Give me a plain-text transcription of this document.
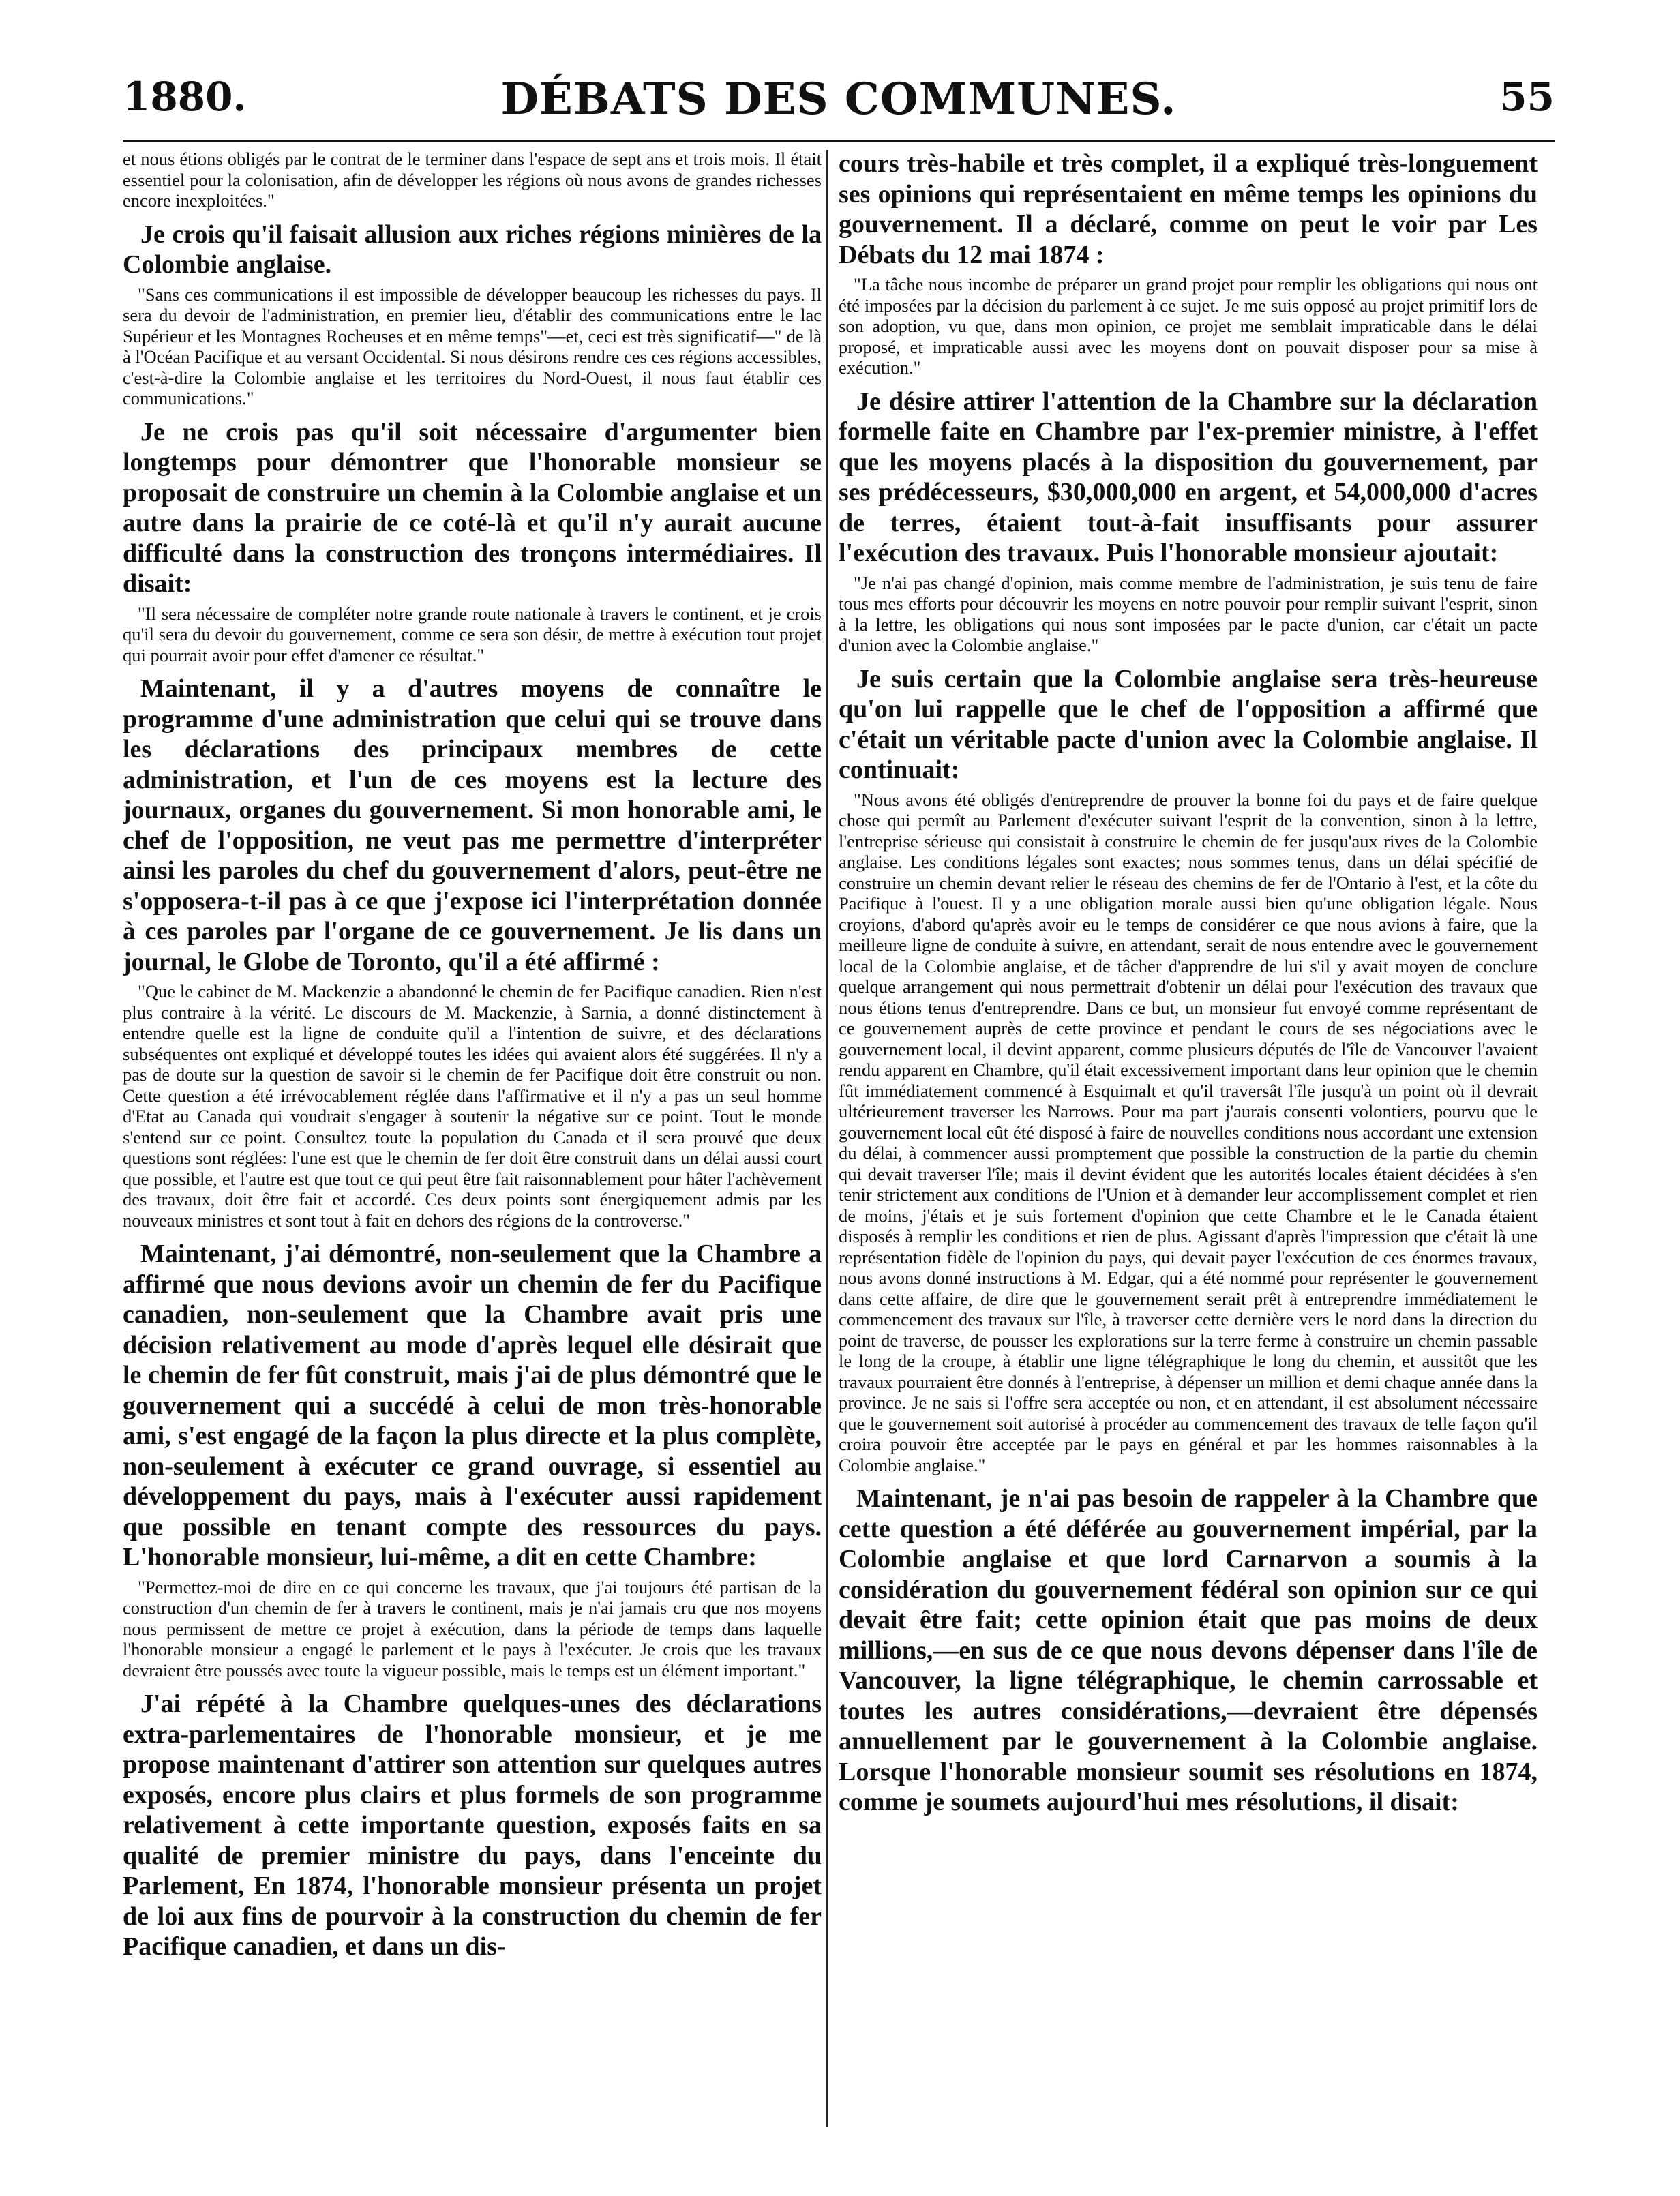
1880.	DÉBATS DES COMMUNES.	55

et nous étions obligés par le contrat de le terminer dans l'espace de sept ans et trois mois. Il était essentiel pour la colonisation, afin de développer les régions où nous avons de grandes richesses encore inexploitées."

Je crois qu'il faisait allusion aux riches régions minières de la Colombie anglaise.

"Sans ces communications il est impossible de développer beaucoup les richesses du pays. Il sera du devoir de l'administration, en premier lieu, d'établir des communications entre le lac Supérieur et les Montagnes Rocheuses et en même temps"—et, ceci est très significatif—" de là à l'Océan Pacifique et au versant Occidental. Si nous désirons rendre ces ces régions accessibles, c'est-à-dire la Colombie anglaise et les territoires du Nord-Ouest, il nous faut établir ces communications."

Je ne crois pas qu'il soit nécessaire d'argumenter bien longtemps pour démontrer que l'honorable monsieur se proposait de construire un chemin à la Colombie anglaise et un autre dans la prairie de ce coté-là et qu'il n'y aurait aucune difficulté dans la construction des tronçons intermédiaires. Il disait:

"Il sera nécessaire de compléter notre grande route nationale à travers le continent, et je crois qu'il sera du devoir du gouvernement, comme ce sera son désir, de mettre à exécution tout projet qui pourrait avoir pour effet d'amener ce résultat."

Maintenant, il y a d'autres moyens de connaître le programme d'une administration que celui qui se trouve dans les déclarations des principaux membres de cette administration, et l'un de ces moyens est la lecture des journaux, organes du gouvernement. Si mon honorable ami, le chef de l'opposition, ne veut pas me permettre d'interpréter ainsi les paroles du chef du gouvernement d'alors, peut-être ne s'opposera-t-il pas à ce que j'expose ici l'interprétation donnée à ces paroles par l'organe de ce gouvernement. Je lis dans un journal, le Globe de Toronto, qu'il a été affirmé :

"Que le cabinet de M. Mackenzie a abandonné le chemin de fer Pacifique canadien. Rien n'est plus contraire à la vérité. Le discours de M. Mackenzie, à Sarnia, a donné distinctement à entendre quelle est la ligne de conduite qu'il a l'intention de suivre, et des déclarations subséquentes ont expliqué et développé toutes les idées qui avaient alors été suggérées. Il n'y a pas de doute sur la question de savoir si le chemin de fer Pacifique doit être construit ou non. Cette question a été irrévocablement réglée dans l'affirmative et il n'y a pas un seul homme d'Etat au Canada qui voudrait s'engager à soutenir la négative sur ce point. Tout le monde s'entend sur ce point. Consultez toute la population du Canada et il sera prouvé que deux questions sont réglées: l'une est que le chemin de fer doit être construit dans un délai aussi court que possible, et l'autre est que tout ce qui peut être fait raisonnablement pour hâter l'achèvement des travaux, doit être fait et accordé. Ces deux points sont énergiquement admis par les nouveaux ministres et sont tout à fait en dehors des régions de la controverse."

Maintenant, j'ai démontré, non-seulement que la Chambre a affirmé que nous devions avoir un chemin de fer du Pacifique canadien, non-seulement que la Chambre avait pris une décision relativement au mode d'après lequel elle désirait que le chemin de fer fût construit, mais j'ai de plus démontré que le gouvernement qui a succédé à celui de mon très-honorable ami, s'est engagé de la façon la plus directe et la plus complète, non-seulement à exécuter ce grand ouvrage, si essentiel au développement du pays, mais à l'exécuter aussi rapidement que possible en tenant compte des ressources du pays. L'honorable monsieur, lui-même, a dit en cette Chambre:

"Permettez-moi de dire en ce qui concerne les travaux, que j'ai toujours été partisan de la construction d'un chemin de fer à travers le continent, mais je n'ai jamais cru que nos moyens nous permissent de mettre ce projet à exécution, dans la période de temps dans laquelle l'honorable monsieur a engagé le parlement et le pays à l'exécuter. Je crois que les travaux devraient être poussés avec toute la vigueur possible, mais le temps est un élément important."

J'ai répété à la Chambre quelques-unes des déclarations extra-parlementaires de l'honorable monsieur, et je me propose maintenant d'attirer son attention sur quelques autres exposés, encore plus clairs et plus formels de son programme relativement à cette importante question, exposés faits en sa qualité de premier ministre du pays, dans l'enceinte du Parlement, En 1874, l'honorable monsieur présenta un projet de loi aux fins de pourvoir à la construction du chemin de fer Pacifique canadien, et dans un dis-

cours très-habile et très complet, il a expliqué très-longuement ses opinions qui représentaient en même temps les opinions du gouvernement. Il a déclaré, comme on peut le voir par Les Débats du 12 mai 1874 :

"La tâche nous incombe de préparer un grand projet pour remplir les obligations qui nous ont été imposées par la décision du parlement à ce sujet. Je me suis opposé au projet primitif lors de son adoption, vu que, dans mon opinion, ce projet me semblait impraticable dans le délai proposé, et impraticable aussi avec les moyens dont on pouvait disposer pour sa mise à exécution."

Je désire attirer l'attention de la Chambre sur la déclaration formelle faite en Chambre par l'ex-premier ministre, à l'effet que les moyens placés à la disposition du gouvernement, par ses prédécesseurs, $30,000,000 en argent, et 54,000,000 d'acres de terres, étaient tout-à-fait insuffisants pour assurer l'exécution des travaux. Puis l'honorable monsieur ajoutait:

"Je n'ai pas changé d'opinion, mais comme membre de l'administration, je suis tenu de faire tous mes efforts pour découvrir les moyens en notre pouvoir pour remplir suivant l'esprit, sinon à la lettre, les obligations qui nous sont imposées par le pacte d'union, car c'était un pacte d'union avec la Colombie anglaise."

Je suis certain que la Colombie anglaise sera très-heureuse qu'on lui rappelle que le chef de l'opposition a affirmé que c'était un véritable pacte d'union avec la Colombie anglaise. Il continuait:

"Nous avons été obligés d'entreprendre de prouver la bonne foi du pays et de faire quelque chose qui permît au Parlement d'exécuter suivant l'esprit de la convention, sinon à la lettre, l'entreprise sérieuse qui consistait à construire le chemin de fer jusqu'aux rives de la Colombie anglaise. Les conditions légales sont exactes; nous sommes tenus, dans un délai spécifié de construire un chemin devant relier le réseau des chemins de fer de l'Ontario à l'est, et la côte du Pacifique à l'ouest. Il y a une obligation morale aussi bien qu'une obligation légale. Nous croyions, d'abord qu'après avoir eu le temps de considérer ce que nous avions à faire, que la meilleure ligne de conduite à suivre, en attendant, serait de nous entendre avec le gouvernement local de la Colombie anglaise, et de tâcher d'apprendre de lui s'il y avait moyen de conclure quelque arrangement qui nous permettrait d'obtenir un délai pour l'exécution des travaux que nous étions tenus d'entreprendre. Dans ce but, un monsieur fut envoyé comme représentant de ce gouvernement auprès de cette province et pendant le cours de ses négociations avec le gouvernement local, il devint apparent, comme plusieurs députés de l'île de Vancouver l'avaient rendu apparent en Chambre, qu'il était excessivement important dans leur opinion que le chemin fût immédiatement commencé à Esquimalt et qu'il traversât l'île jusqu'à un point où il devrait ultérieurement traverser les Narrows. Pour ma part j'aurais consenti volontiers, pourvu que le gouvernement local eût été disposé à faire de nouvelles conditions nous accordant une extension du délai, à commencer aussi promptement que possible la construction de la partie du chemin qui devait traverser l'île; mais il devint évident que les autorités locales étaient décidées à s'en tenir strictement aux conditions de l'Union et à demander leur accomplissement complet et rien de moins, j'étais et je suis fortement d'opinion que cette Chambre et le le Canada étaient disposés à remplir les conditions et rien de plus. Agissant d'après l'impression que c'était là une représentation fidèle de l'opinion du pays, qui devait payer l'exécution de ces énormes travaux, nous avons donné instructions à M. Edgar, qui a été nommé pour représenter le gouvernement dans cette affaire, de dire que le gouvernement serait prêt à entreprendre immédiatement le commencement des travaux sur l'île, à traverser cette dernière vers le nord dans la direction du point de traverse, de pousser les explorations sur la terre ferme à construire un chemin passable le long de la croupe, à établir une ligne télégraphique le long du chemin, et aussitôt que les travaux pourraient être donnés à l'entreprise, à dépenser un million et demi chaque année dans la province. Je ne sais si l'offre sera acceptée ou non, et en attendant, il est absolument nécessaire que le gouvernement soit autorisé à procéder au commencement des travaux de telle façon qu'il croira pouvoir être acceptée par le pays en général et par les hommes raisonnables à la Colombie anglaise."

Maintenant, je n'ai pas besoin de rappeler à la Chambre que cette question a été déférée au gouvernement impérial, par la Colombie anglaise et que lord Carnarvon a soumis à la considération du gouvernement fédéral son opinion sur ce qui devait être fait; cette opinion était que pas moins de deux millions,—en sus de ce que nous devons dépenser dans l'île de Vancouver, la ligne télégraphique, le chemin carrossable et toutes les autres considérations,—devraient être dépensés annuellement par le gouvernement à la Colombie anglaise. Lorsque l'honorable monsieur soumit ses résolutions en 1874, comme je soumets aujourd'hui mes résolutions, il disait:
